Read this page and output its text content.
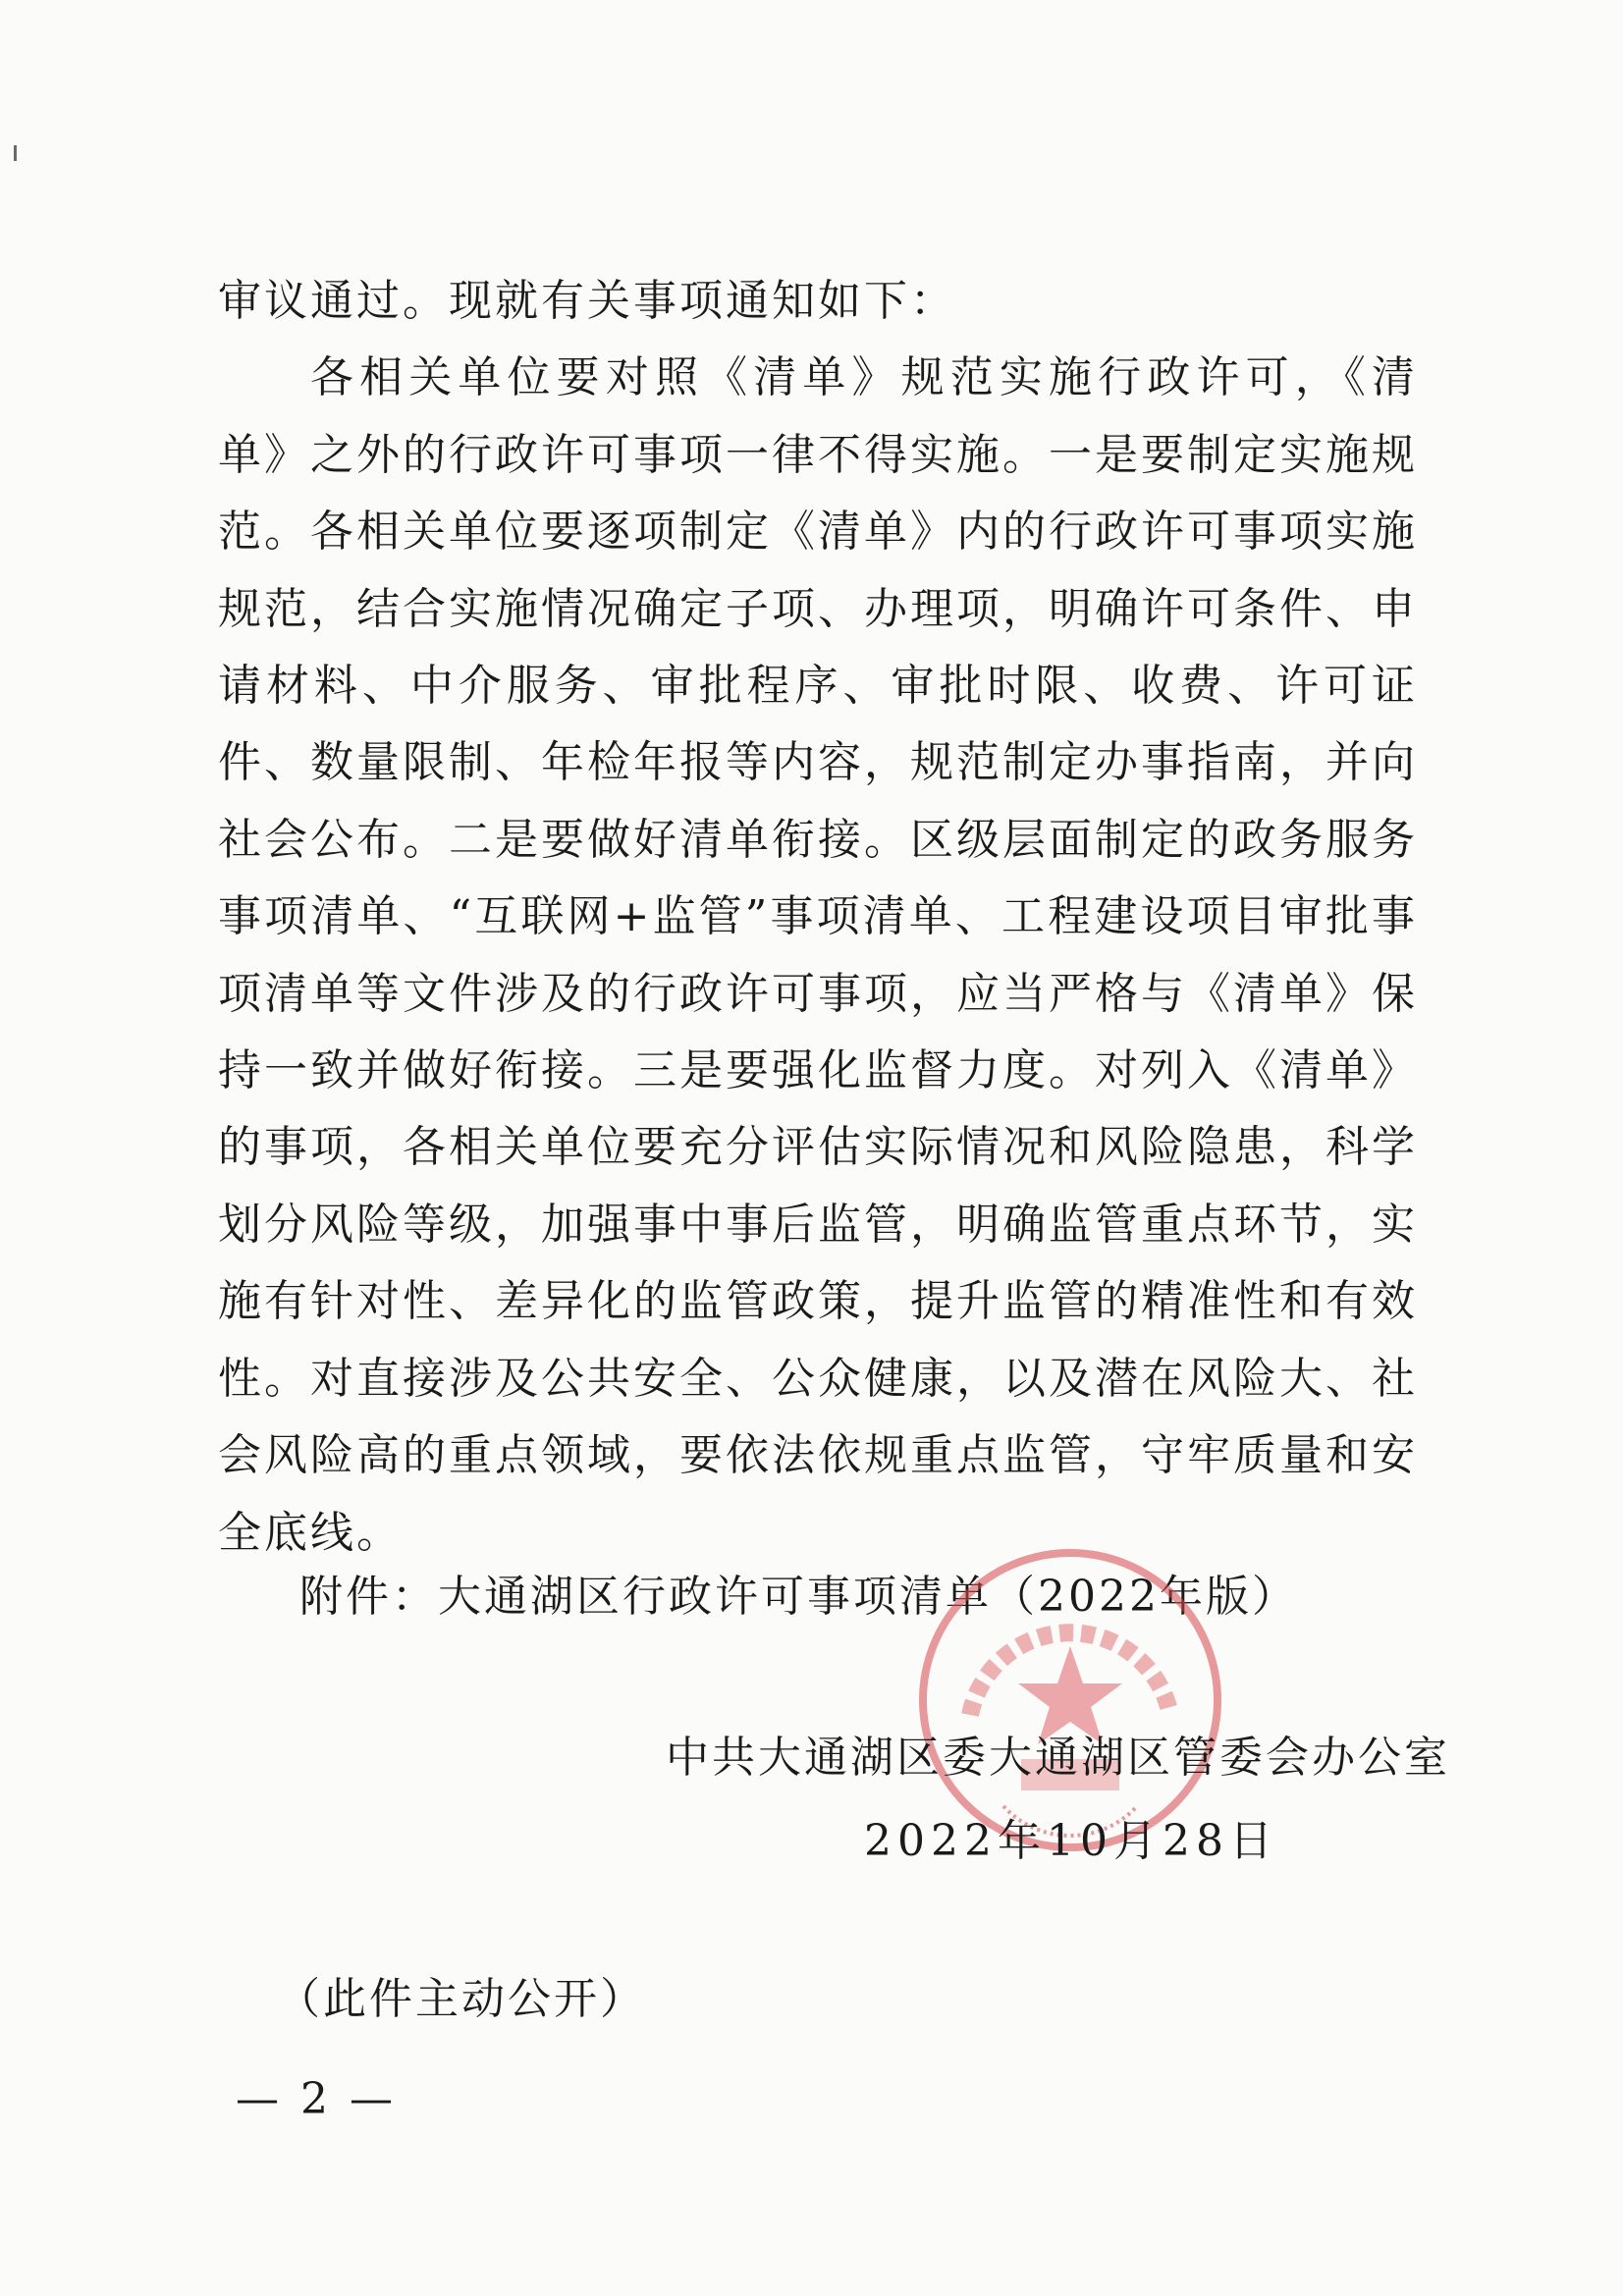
审议通过。现就有关事项通知如下：

各相关单位要对照《清单》规范实施行政许可，《清单》之外的行政许可事项一律不得实施。一是要制定实施规范。各相关单位要逐项制定《清单》内的行政许可事项实施规范，结合实施情况确定子项、办理项，明确许可条件、申请材料、中介服务、审批程序、审批时限、收费、许可证件、数量限制、年检年报等内容，规范制定办事指南，并向社会公布。二是要做好清单衔接。区级层面制定的政务服务事项清单、“互联网+监管”事项清单、工程建设项目审批事项清单等文件涉及的行政许可事项，应当严格与《清单》保持一致并做好衔接。三是要强化监督力度。对列入《清单》的事项，各相关单位要充分评估实际情况和风险隐患，科学划分风险等级，加强事中事后监管，明确监管重点环节，实施有针对性、差异化的监管政策，提升监管的精准性和有效性。对直接涉及公共安全、公众健康，以及潜在风险大、社会风险高的重点领域，要依法依规重点监管，守牢质量和安全底线。

附件：大通湖区行政许可事项清单（2022年版）
中共大通湖区委大通湖区管委会办公室
2022年10月28日
（此件主动公开）
— 2 —
